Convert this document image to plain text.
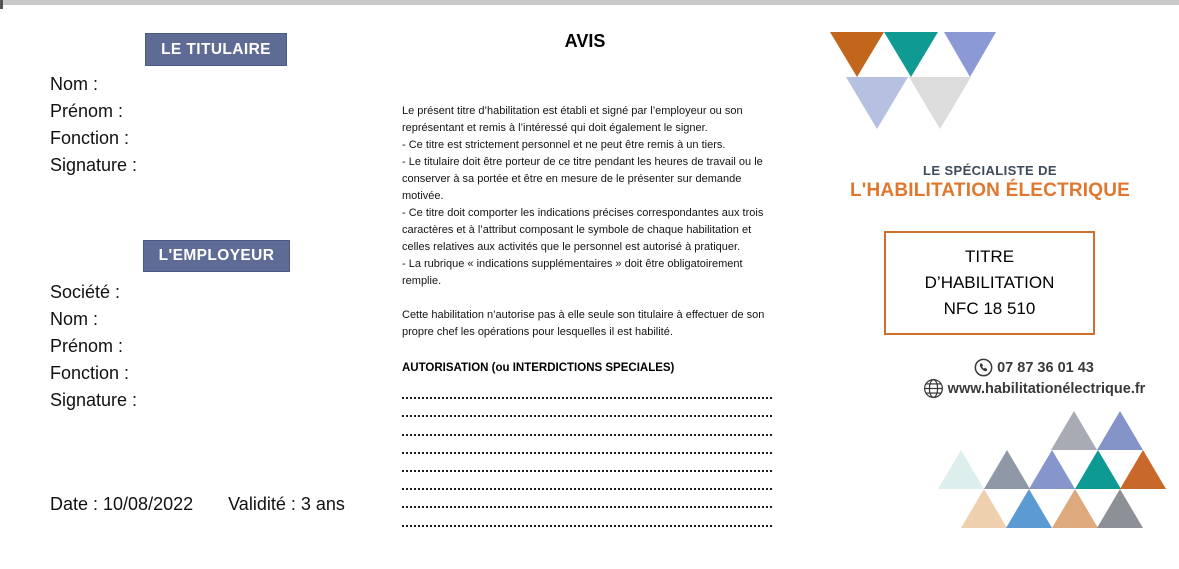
LE TITULAIRE
Nom :
Prénom :
Fonction :
Signature :
L'EMPLOYEUR
Société :
Nom :
Prénom :
Fonction :
Signature :
Date : 10/08/2022 Validité : 3 ans
AVIS
Le présent titre d’habilitation est établi et signé par l’employeur ou son représentant et remis à l’intéressé qui doit également le signer.
- Ce titre est strictement personnel et ne peut être remis à un tiers.
- Le titulaire doit être porteur de ce titre pendant les heures de travail ou le conserver à sa portée et être en mesure de le présenter sur demande motivée.
- Ce titre doit comporter les indications précises correspondantes aux trois caractères et à l’attribut composant le symbole de chaque habilitation et celles relatives aux activités que le personnel est autorisé à pratiquer.
- La rubrique « indications supplémentaires » doit être obligatoirement remplie.
Cette habilitation n’autorise pas à elle seule son titulaire à effectuer de son propre chef les opérations pour lesquelles il est habilité.
AUTORISATION (ou INTERDICTIONS SPECIALES)
LE SPÉCIALISTE DE
L'HABILITATION ÉLECTRIQUE
TITRE
D’HABILITATION
NFC 18 510
07 87 36 01 43
www.habilitationélectrique.fr
